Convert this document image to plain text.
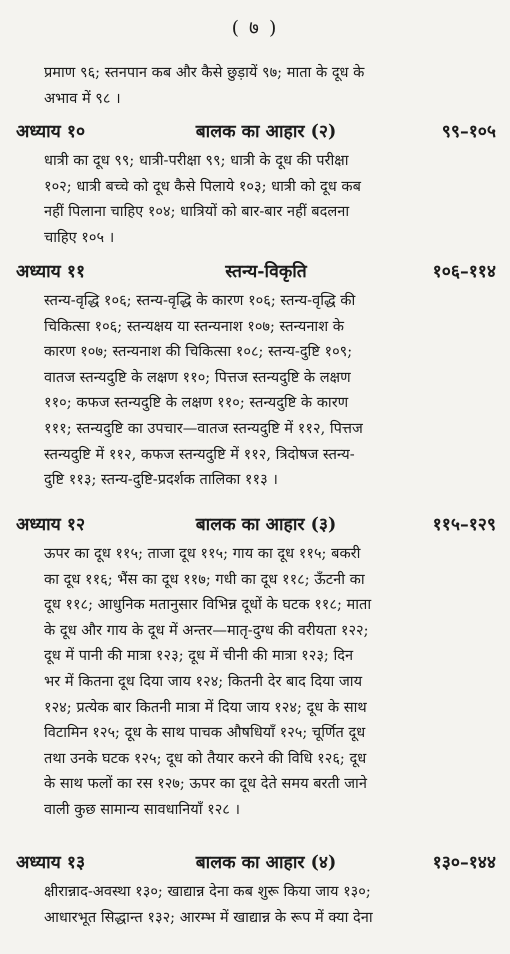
( ७ )
प्रमाण ९६; स्तनपान कब और कैसे छुड़ायें ९७; माता के दूध के
अभाव में ९८ ।
अध्याय १०	बालक का आहार (२)	९९–१०५
धात्री का दूध ९९; धात्री-परीक्षा ९९; धात्री के दूध की परीक्षा
१०२; धात्री बच्चे को दूध कैसे पिलाये १०३; धात्री को दूध कब
नहीं पिलाना चाहिए १०४; धात्रियों को बार-बार नहीं बदलना
चाहिए १०५ ।
अध्याय ११	स्तन्य-विकृति	१०६–११४
स्तन्य-वृद्धि १०६; स्तन्य-वृद्धि के कारण १०६; स्तन्य-वृद्धि की
चिकित्सा १०६; स्तन्यक्षय या स्तन्यनाश १०७; स्तन्यनाश के
कारण १०७; स्तन्यनाश की चिकित्सा १०८; स्तन्य-दुष्टि १०९;
वातज स्तन्यदुष्टि के लक्षण ११०; पित्तज स्तन्यदुष्टि के लक्षण
११०; कफज स्तन्यदुष्टि के लक्षण ११०; स्तन्यदुष्टि के कारण
१११; स्तन्यदुष्टि का उपचार—वातज स्तन्यदुष्टि में ११२, पित्तज
स्तन्यदुष्टि में ११२, कफज स्तन्यदुष्टि में ११२, त्रिदोषज स्तन्य-
दुष्टि ११३; स्तन्य-दुष्टि-प्रदर्शक तालिका ११३ ।
अध्याय १२	बालक का आहार (३)	११५–१२९
ऊपर का दूध ११५; ताजा दूध ११५; गाय का दूध ११५; बकरी
का दूध ११६; भैंस का दूध ११७; गधी का दूध ११८; ऊँटनी का
दूध ११८; आधुनिक मतानुसार विभिन्न दूधों के घटक ११८; माता
के दूध और गाय के दूध में अन्तर—मातृ-दुग्ध की वरीयता १२२;
दूध में पानी की मात्रा १२३; दूध में चीनी की मात्रा १२३; दिन
भर में कितना दूध दिया जाय १२४; कितनी देर बाद दिया जाय
१२४; प्रत्येक बार कितनी मात्रा में दिया जाय १२४; दूध के साथ
विटामिन १२५; दूध के साथ पाचक औषधियाँ १२५; चूर्णित दूध
तथा उनके घटक १२५; दूध को तैयार करने की विधि १२६; दूध
के साथ फलों का रस १२७; ऊपर का दूध देते समय बरती जाने
वाली कुछ सामान्य सावधानियाँ १२८ ।
अध्याय १३	बालक का आहार (४)	१३०–१४४
क्षीरान्नाद-अवस्था १३०; खाद्यान्न देना कब शुरू किया जाय १३०;
आधारभूत सिद्धान्त १३२; आरम्भ में खाद्यान्न के रूप में क्या देना
